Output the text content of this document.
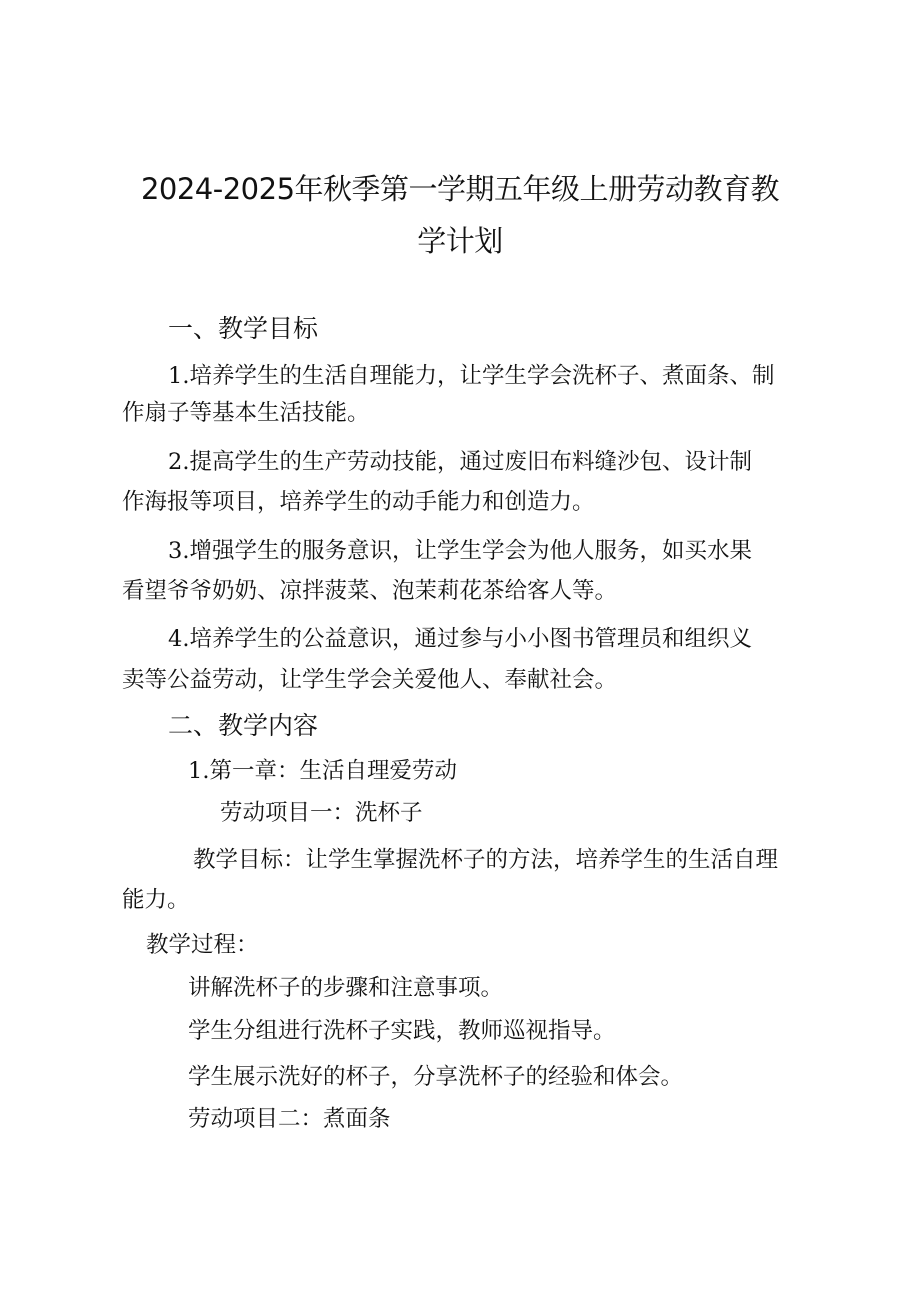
2024-2025年秋季第一学期五年级上册劳动教育教
学计划
一、教学目标
1.培养学生的生活自理能力，让学生学会洗杯子、煮面条、制
作扇子等基本生活技能。
2.提高学生的生产劳动技能，通过废旧布料缝沙包、设计制
作海报等项目，培养学生的动手能力和创造力。
3.增强学生的服务意识，让学生学会为他人服务，如买水果
看望爷爷奶奶、凉拌菠菜、泡茉莉花茶给客人等。
4.培养学生的公益意识，通过参与小小图书管理员和组织义
卖等公益劳动，让学生学会关爱他人、奉献社会。
二、教学内容
1.第一章：生活自理爱劳动
劳动项目一：洗杯子
教学目标：让学生掌握洗杯子的方法，培养学生的生活自理
能力。
教学过程：
讲解洗杯子的步骤和注意事项。
学生分组进行洗杯子实践，教师巡视指导。
学生展示洗好的杯子，分享洗杯子的经验和体会。
劳动项目二：煮面条
